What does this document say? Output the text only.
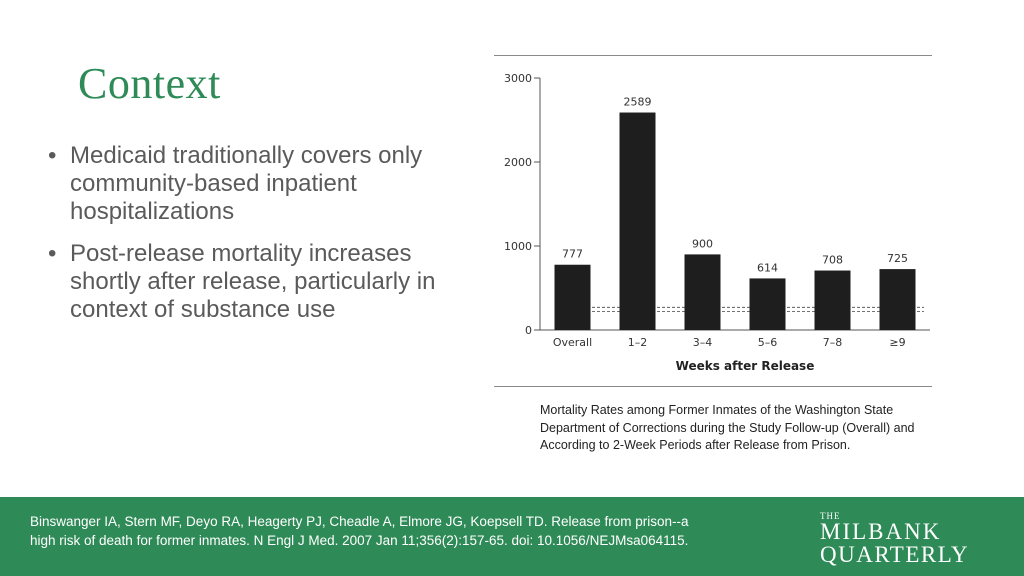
Context
• Medicaid traditionally covers only community-based inpatient hospitalizations
• Post-release mortality increases shortly after release, particularly in context of substance use
0
1000
2000
3000
777
Overall
2589
1–2
900
3–4
614
5–6
708
7–8
725
≥9
Weeks after Release
Mortality Rates among Former Inmates of the Washington State Department of Corrections during the Study Follow-up (Overall) and According to 2-Week Periods after Release from Prison.
Binswanger IA, Stern MF, Deyo RA, Heagerty PJ, Cheadle A, Elmore JG, Koepsell TD. Release from prison--a high risk of death for former inmates. N Engl J Med. 2007 Jan 11;356(2):157-65. doi: 10.1056/NEJMsa064115.
THE
MILBANK
QUARTERLY
